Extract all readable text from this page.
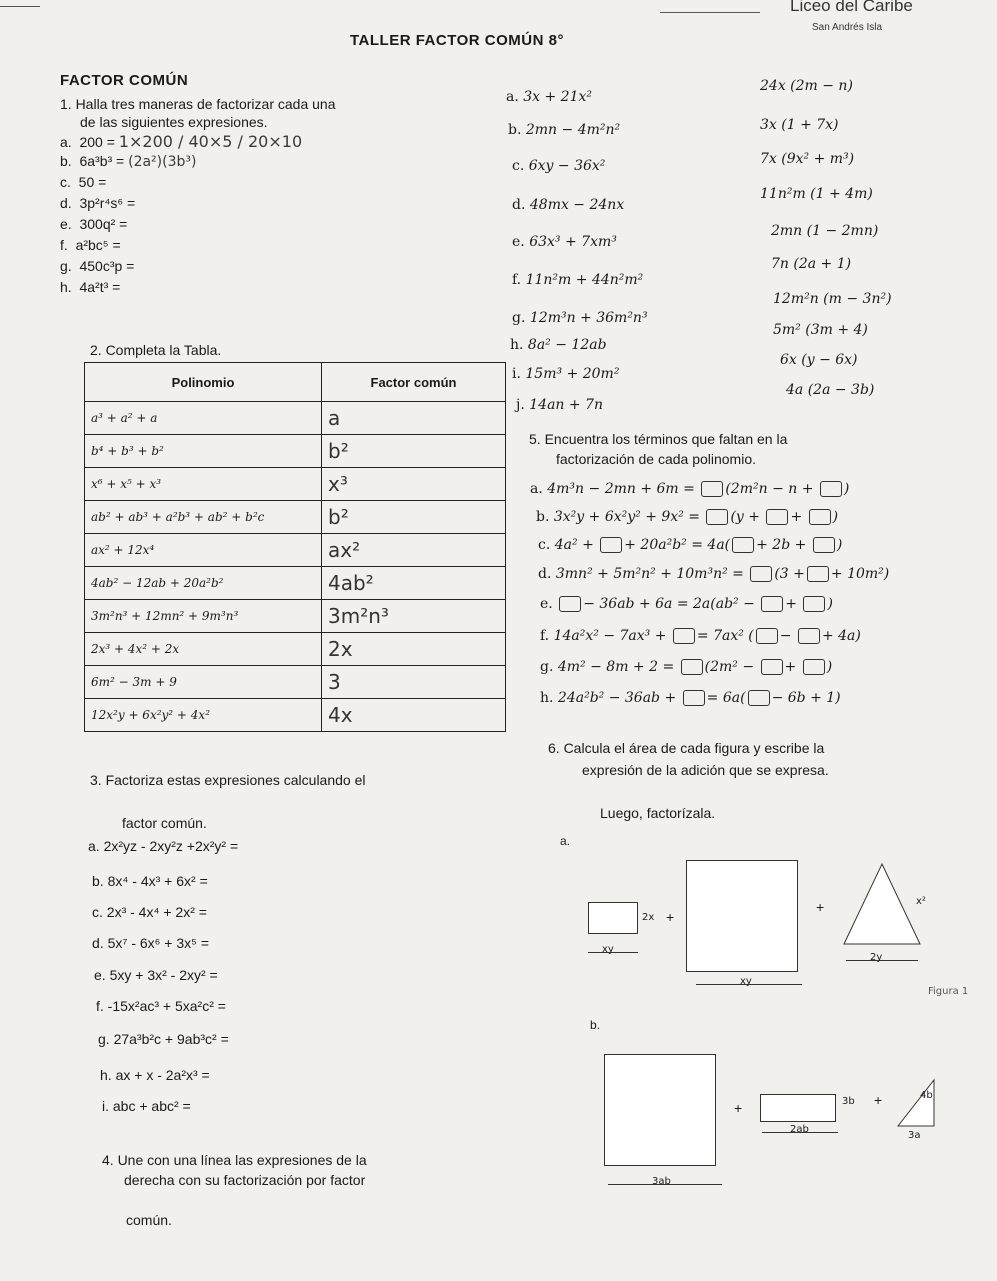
Liceo del Caribe
San Andrés Isla
TALLER FACTOR COMÚN 8°
FACTOR COMÚN
1. Halla tres maneras de factorizar cada una
de las siguientes expresiones.
a. 200 = 1×200 / 40×5 / 20×10
b. 6a³b³ = (2a²)(3b³)
c. 50 =
d. 3p²r⁴s⁶ =
e. 300q² =
f. a²bc⁵ =
g. 450c³p =
h. 4a²t³ =
2. Completa la Tabla.
Polinomio	Factor común
a³ + a² + a	a
b⁴ + b³ + b²	b²
x⁶ + x⁵ + x³	x³
ab² + ab³ + a²b³ + ab² + b²c	b²
ax² + 12x⁴	ax²
4ab² − 12ab + 20a²b²	4ab²
3m²n³ + 12mn² + 9m³n³	3m²n³
2x³ + 4x² + 2x	2x
6m² − 3m + 9	3
12x²y + 6x²y² + 4x²	4x
a. 3x + 21x²
b. 2mn − 4m²n²
c. 6xy − 36x²
d. 48mx − 24nx
e. 63x³ + 7xm³
f. 11n²m + 44n²m²
g. 12m³n + 36m²n³
h. 8a² − 12ab
i. 15m³ + 20m²
j. 14an + 7n
24x (2m − n)
3x (1 + 7x)
7x (9x² + m³)
11n²m (1 + 4m)
2mn (1 − 2mn)
7n (2a + 1)
12m²n (m − 3n²)
5m² (3m + 4)
6x (y − 6x)
4a (2a − 3b)
5. Encuentra los términos que faltan en la
factorización de cada polinomio.
a. 4m³n − 2mn + 6m = (2m²n − n + )
b. 3x²y + 6x²y² + 9x² = (y + + )
c. 4a² + + 20a²b² = 4a( + 2b + )
d. 3mn² + 5m²n² + 10m³n² = (3 + + 10m²)
e. − 36ab + 6a = 2a(ab² − + )
f. 14a²x² − 7ax³ + = 7ax² ( − + 4a)
g. 4m² − 8m + 2 = (2m² − + )
h. 24a²b² − 36ab + = 6a( − 6b + 1)
3. Factoriza estas expresiones calculando el
factor común.
a. 2x²yz - 2xy²z +2x²y² =
b. 8x⁴ - 4x³ + 6x² =
c. 2x³ - 4x⁴ + 2x² =
d. 5x⁷ - 6x⁶ + 3x⁵ =
e. 5xy + 3x² - 2xy² =
f. -15x²ac³ + 5xa²c² =
g. 27a³b²c + 9ab³c² =
h. ax + x - 2a²x³ =
i. abc + abc² =
4. Une con una línea las expresiones de la
derecha con su factorización por factor
común.
6. Calcula el área de cada figura y escribe la
expresión de la adición que se expresa.
Luego, factorízala.
a.
2x
xy
+
xy
+	x²
2y
Figura 1
b.
3ab
+	3b
2ab
+	4b
3a
